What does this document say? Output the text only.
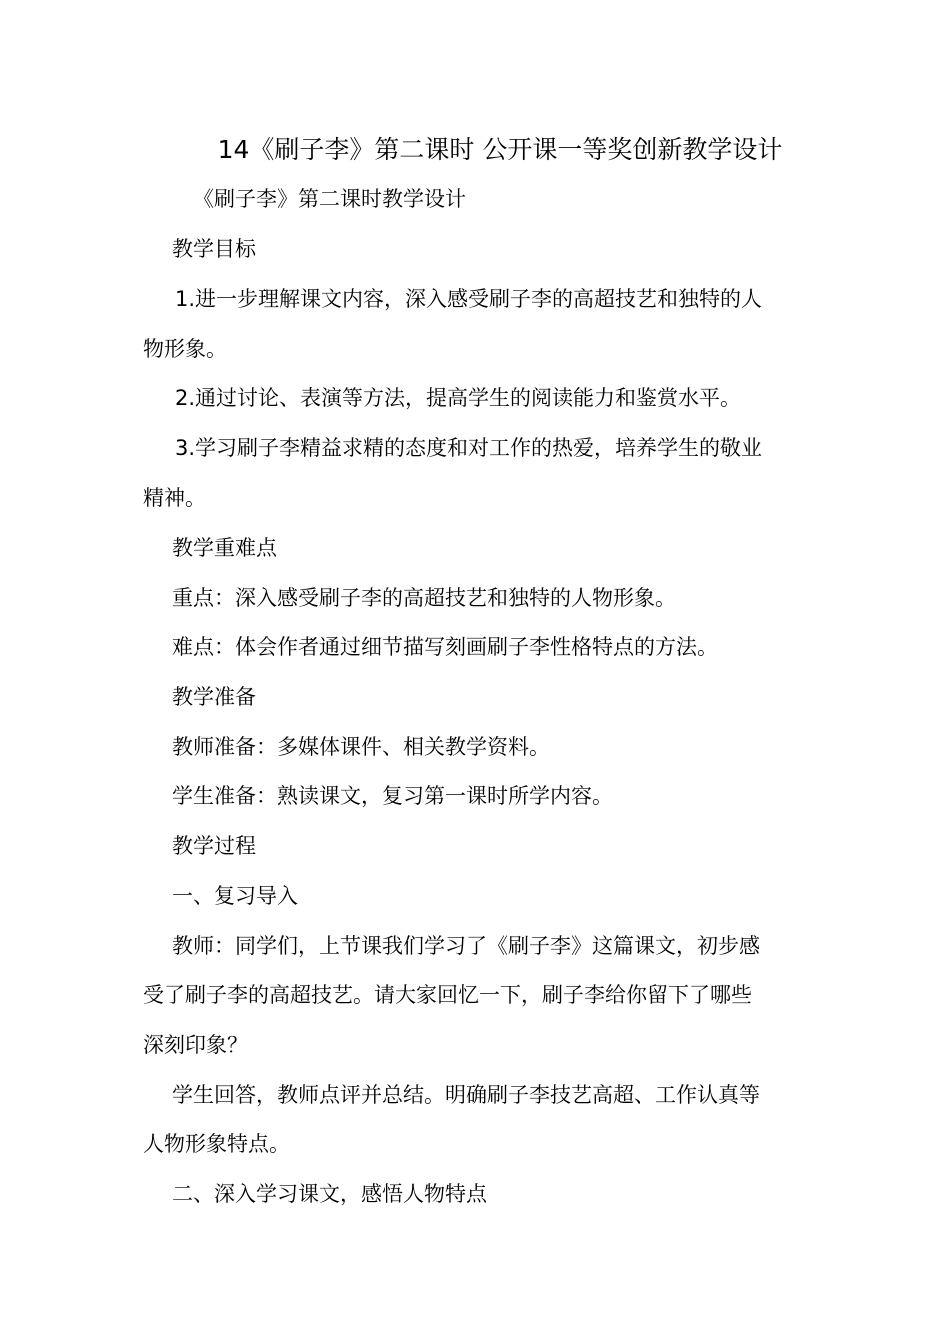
14《刷子李》第二课时 公开课一等奖创新教学设计
《刷子李》第二课时教学设计
教学目标
1.进一步理解课文内容，深入感受刷子李的高超技艺和独特的人
物形象。
2.通过讨论、表演等方法，提高学生的阅读能力和鉴赏水平。
3.学习刷子李精益求精的态度和对工作的热爱，培养学生的敬业
精神。
教学重难点
重点：深入感受刷子李的高超技艺和独特的人物形象。
难点：体会作者通过细节描写刻画刷子李性格特点的方法。
教学准备
教师准备：多媒体课件、相关教学资料。
学生准备：熟读课文，复习第一课时所学内容。
教学过程
一、复习导入
教师：同学们，上节课我们学习了《刷子李》这篇课文，初步感
受了刷子李的高超技艺。请大家回忆一下，刷子李给你留下了哪些
深刻印象？
学生回答，教师点评并总结。明确刷子李技艺高超、工作认真等
人物形象特点。
二、深入学习课文，感悟人物特点
